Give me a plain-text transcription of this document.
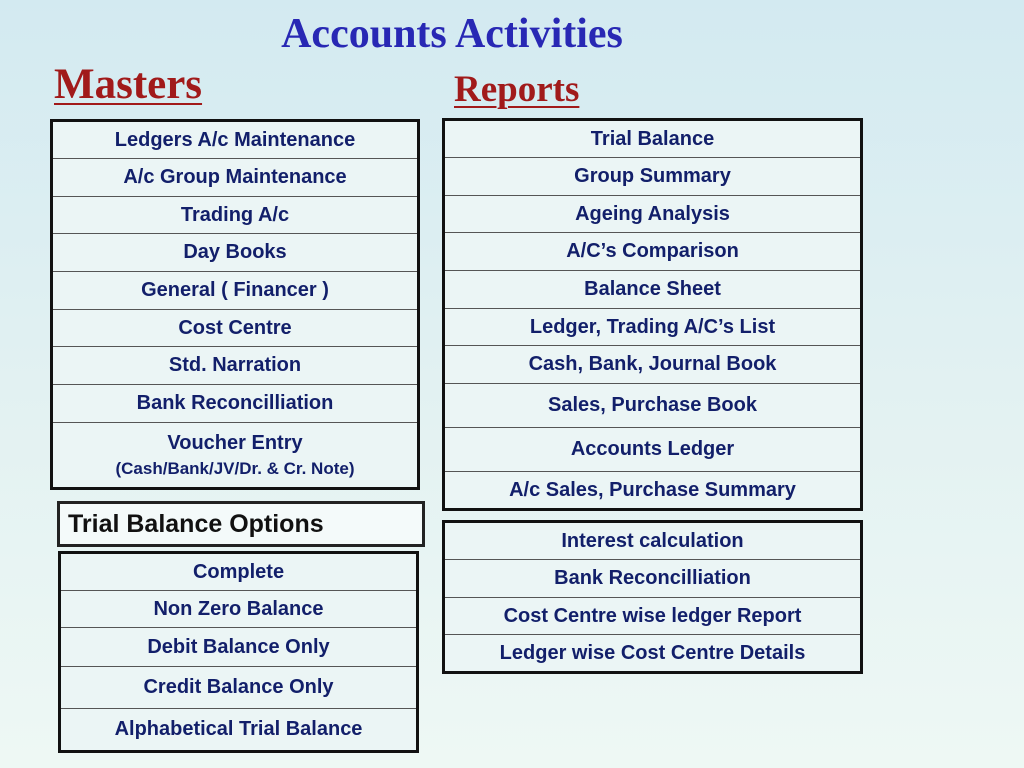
Accounts Activities
Masters	Reports
Ledgers A/c Maintenance
A/c Group Maintenance
Trading A/c
Day Books
General ( Financer )
Cost Centre
Std. Narration
Bank Reconcilliation
Voucher Entry
(Cash/Bank/JV/Dr. & Cr. Note)
Trial Balance
Group Summary
Ageing Analysis
A/C’s Comparison
Balance Sheet
Ledger, Trading A/C’s List
Cash, Bank, Journal Book
Sales, Purchase Book
Accounts Ledger
A/c Sales, Purchase Summary
Interest calculation
Bank Reconcilliation
Cost Centre wise ledger Report
Ledger wise Cost Centre Details
Trial Balance Options
Complete
Non Zero Balance
Debit Balance Only
Credit Balance Only
Alphabetical Trial Balance
